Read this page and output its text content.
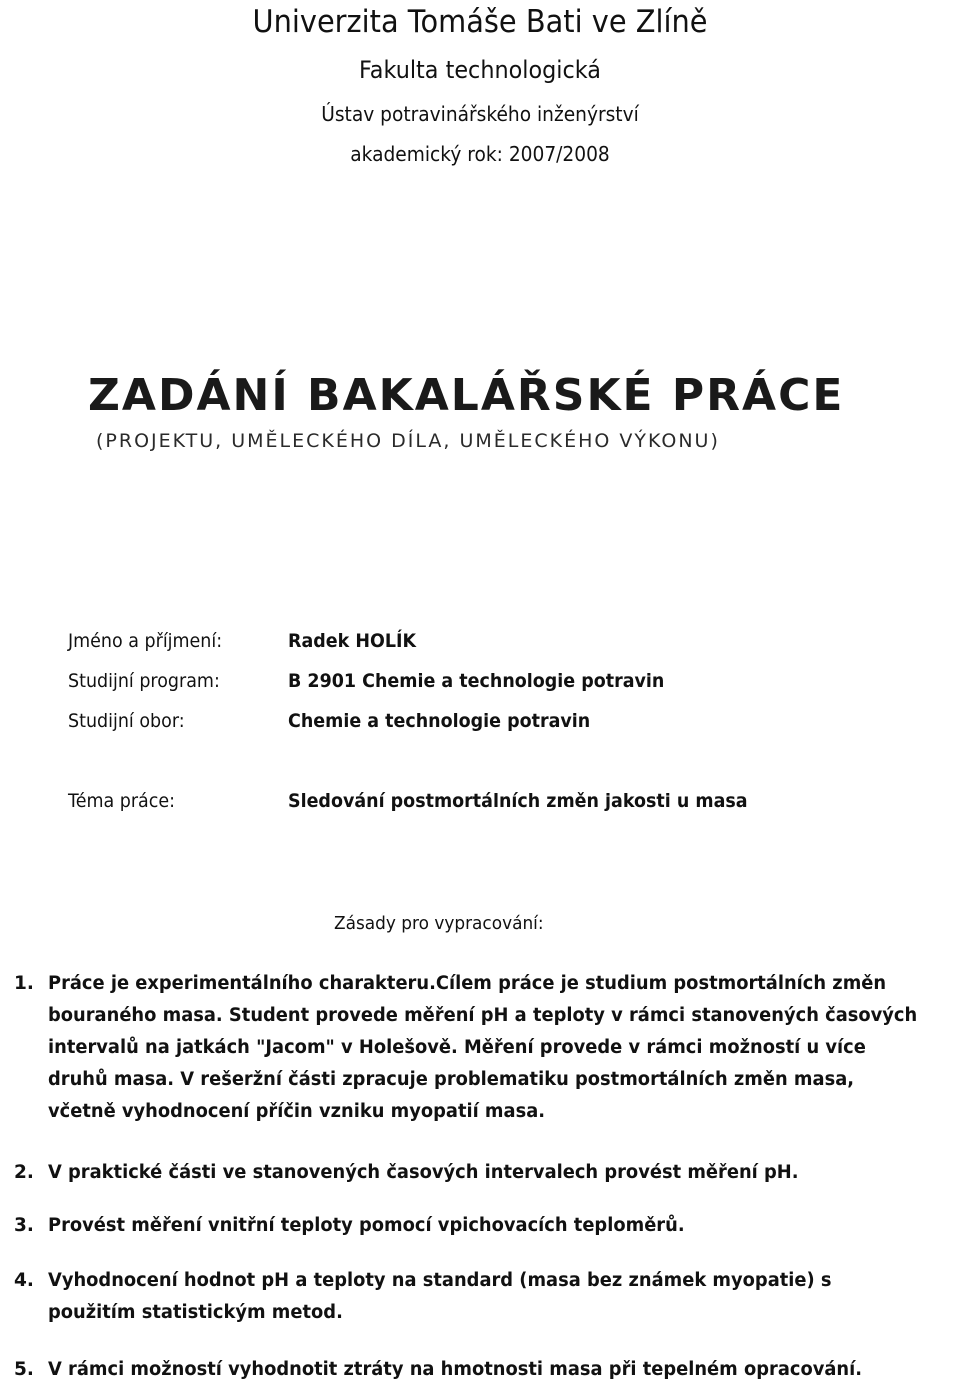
Univerzita Tomáše Bati ve Zlíně
Fakulta technologická
Ústav potravinářského inženýrství
akademický rok: 2007/2008
ZADÁNÍ BAKALÁŘSKÉ PRÁCE
(PROJEKTU, UMĚLECKÉHO DÍLA, UMĚLECKÉHO VÝKONU)
Jméno a příjmení:	Radek HOLÍK
Studijní program:	B 2901 Chemie a technologie potravin
Studijní obor:	Chemie a technologie potravin
Téma práce:	Sledování postmortálních změn jakosti u masa
Zásady pro vypracování:
1. Práce je experimentálního charakteru.Cílem práce je studium postmortálních změn bouraného masa. Student provede měření pH a teploty v rámci stanovených časových intervalů na jatkách "Jacom" v Holešově. Měření provede v rámci možností u více druhů masa. V rešeržní části zpracuje problematiku postmortálních změn masa, včetně vyhodnocení příčin vzniku myopatií masa.
2. V praktické části ve stanovených časových intervalech provést měření pH.
3. Provést měření vnitřní teploty pomocí vpichovacích teploměrů.
4. Vyhodnocení hodnot pH a teploty na standard (masa bez známek myopatie) s použitím statistickým metod.
5. V rámci možností vyhodnotit ztráty na hmotnosti masa při tepelném opracování.
